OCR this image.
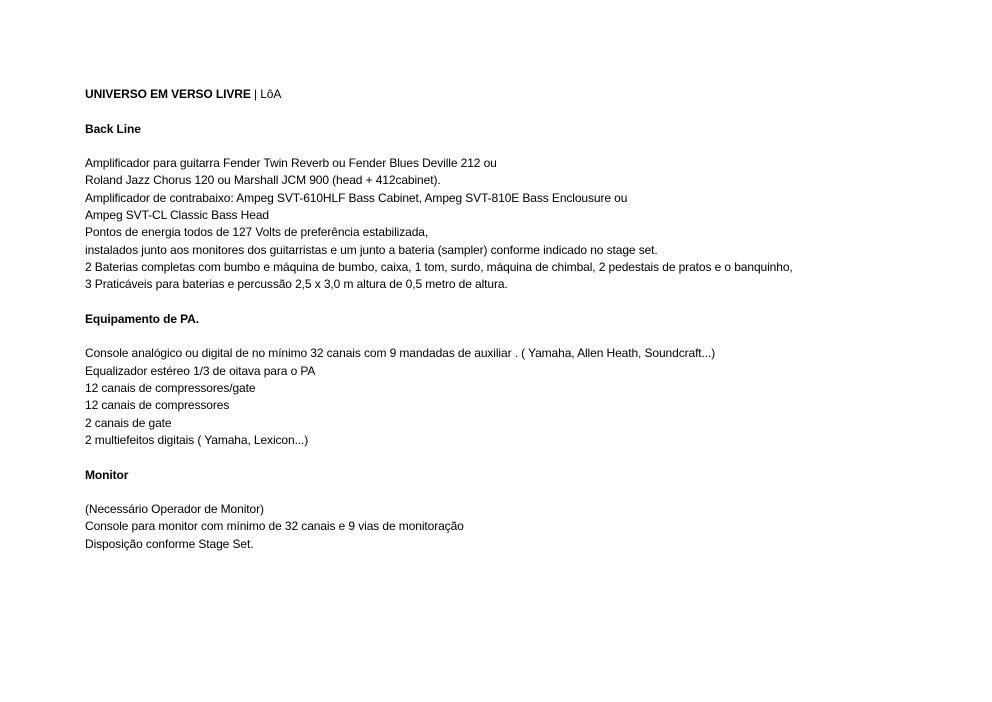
UNIVERSO EM VERSO LIVRE | LôA

Back Line
Amplificador para guitarra Fender Twin Reverb ou Fender Blues Deville 212 ou
Roland Jazz Chorus 120 ou Marshall JCM 900 (head + 412cabinet).
Amplificador de contrabaixo: Ampeg SVT-610HLF Bass Cabinet, Ampeg SVT-810E Bass Enclousure ou
Ampeg SVT-CL Classic Bass Head
Pontos de energia todos de 127 Volts de preferência estabilizada,
instalados junto aos monitores dos guitarristas e um junto a bateria (sampler) conforme indicado no stage set.
2 Baterias completas com bumbo e máquina de bumbo, caixa, 1 tom, surdo, máquina de chimbal, 2 pedestais de pratos e o banquinho,
3 Praticáveis para baterias e percussão 2,5 x 3,0 m altura de 0,5 metro de altura.
Equipamento de PA.
Console analógico ou digital de no mínimo 32 canais com 9 mandadas de auxiliar . ( Yamaha, Allen Heath, Soundcraft...)
Equalizador estéreo 1/3 de oitava para o PA
12 canais de compressores/gate
12 canais de compressores
2 canais de gate
2 multiefeitos digitais ( Yamaha, Lexicon...)
Monitor
(Necessário Operador de Monitor)
Console para monitor com mínimo de 32 canais e 9 vias de monitoração
Disposição conforme Stage Set.
